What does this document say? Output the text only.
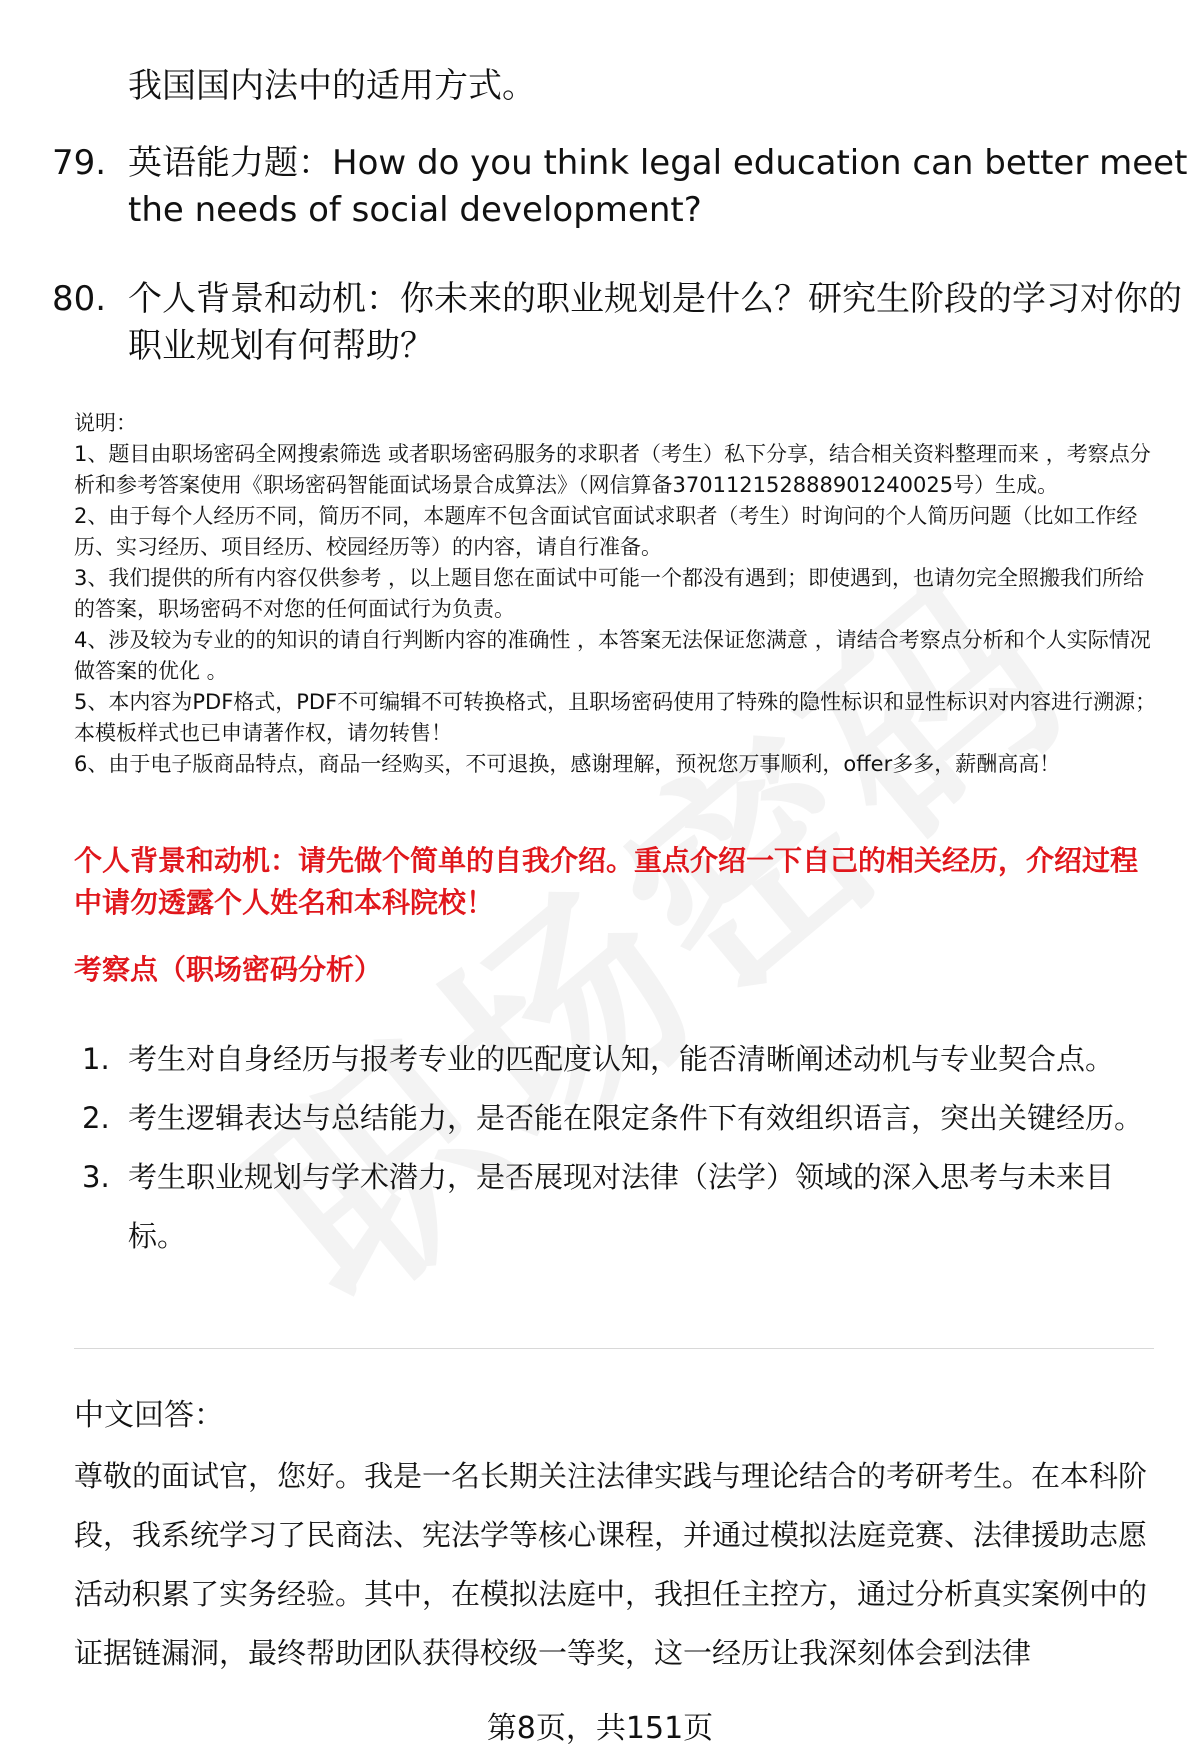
我国国内法中的适用方式。
79. 英语能力题：How do you think legal education can better meet the needs of social development?
80. 个人背景和动机：你未来的职业规划是什么？研究生阶段的学习对你的职业规划有何帮助？

说明：

1、题目由职场密码全网搜索筛选 或者职场密码服务的求职者（考生）私下分享，结合相关资料整理而来 ，考察点分析和参考答案使用《职场密码智能面试场景合成算法》（网信算备370112152888901240025号）生成。

2、由于每个人经历不同，简历不同，本题库不包含面试官面试求职者（考生）时询问的个人简历问题（比如工作经历、实习经历、项目经历、校园经历等）的内容，请自行准备。

3、我们提供的所有内容仅供参考 ，以上题目您在面试中可能一个都没有遇到；即使遇到，也请勿完全照搬我们所给的答案，职场密码不对您的任何面试行为负责。

4、涉及较为专业的的知识的请自行判断内容的准确性 ，本答案无法保证您满意 ，请结合考察点分析和个人实际情况做答案的优化 。

5、本内容为PDF格式，PDF不可编辑不可转换格式，且职场密码使用了特殊的隐性标识和显性标识对内容进行溯源；本模板样式也已申请著作权，请勿转售！

6、由于电子版商品特点，商品一经购买，不可退换，感谢理解，预祝您万事顺利，offer多多，薪酬高高！

个人背景和动机：请先做个简单的自我介绍。重点介绍一下自己的相关经历，介绍过程中请勿透露个人姓名和本科院校！
考察点（职场密码分析）
1. 考生对自身经历与报考专业的匹配度认知，能否清晰阐述动机与专业契合点。
2. 考生逻辑表达与总结能力，是否能在限定条件下有效组织语言，突出关键经历。
3. 考生职业规划与学术潜力，是否展现对法律（法学）领域的深入思考与未来目标。
中文回答：
尊敬的面试官，您好。我是一名长期关注法律实践与理论结合的考研考生。在本科阶段，我系统学习了民商法、宪法学等核心课程，并通过模拟法庭竞赛、法律援助志愿活动积累了实务经验。其中，在模拟法庭中，我担任主控方，通过分析真实案例中的证据链漏洞，最终帮助团队获得校级一等奖，这一经历让我深刻体会到法律
第8页，共151页
